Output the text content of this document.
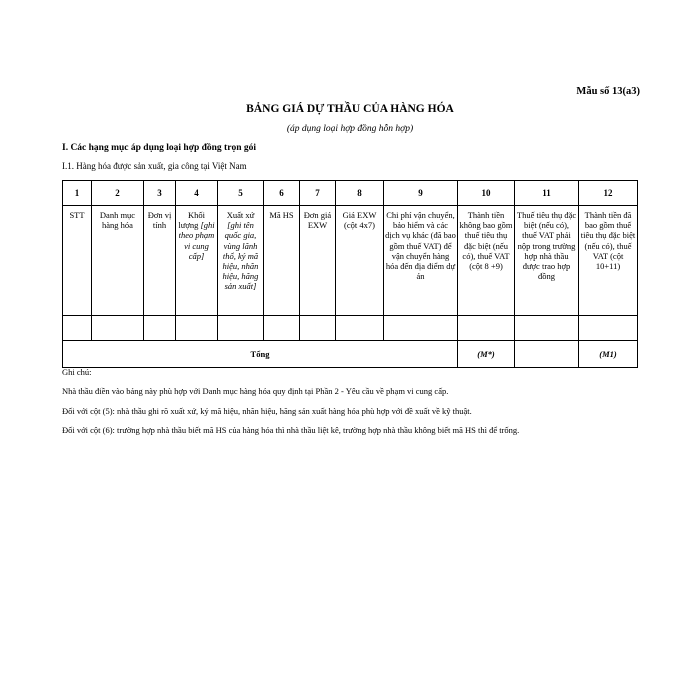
Mẫu số 13(a3)
BẢNG GIÁ DỰ THẦU CỦA HÀNG HÓA
(áp dụng loại hợp đồng hỗn hợp)
I. Các hạng mục áp dụng loại hợp đồng trọn gói
I.1. Hàng hóa được sản xuất, gia công tại Việt Nam
1	2	3	4	5	6	7	8	9	10	11	12
STT	Danh mục hàng hóa	Đơn vị tính	Khối lượng [ghi theo phạm vi cung cấp]	Xuất xứ [ghi tên quốc gia, vùng lãnh thổ, ký mã hiệu, nhãn hiệu, hãng sản xuất]	Mã HS	Đơn giá EXW	Giá EXW (cột 4x7)	Chi phí vận chuyển, bảo hiểm và các dịch vụ khác (đã bao gồm thuế VAT) để vận chuyển hàng hóa đến địa điểm dự án	Thành tiền không bao gồm thuế tiêu thụ đặc biệt (nếu có), thuế VAT (cột 8 +9)	Thuế tiêu thụ đặc biệt (nếu có), thuế VAT phải nộp trong trường hợp nhà thầu được trao hợp đồng	Thành tiền đã bao gồm thuế tiêu thụ đặc biệt (nếu có), thuế VAT (cột 10+11)

Tổng									(M*)		(M1)

Ghi chú:

Nhà thầu điền vào bảng này phù hợp với Danh mục hàng hóa quy định tại Phần 2 - Yêu cầu về phạm vi cung cấp.

Đối với cột (5): nhà thầu ghi rõ xuất xứ, ký mã hiệu, nhãn hiệu, hãng sản xuất hàng hóa phù hợp với đề xuất về kỹ thuật.

Đối với cột (6): trường hợp nhà thầu biết mã HS của hàng hóa thì nhà thầu liệt kê, trường hợp nhà thầu không biết mã HS thì để trống.
